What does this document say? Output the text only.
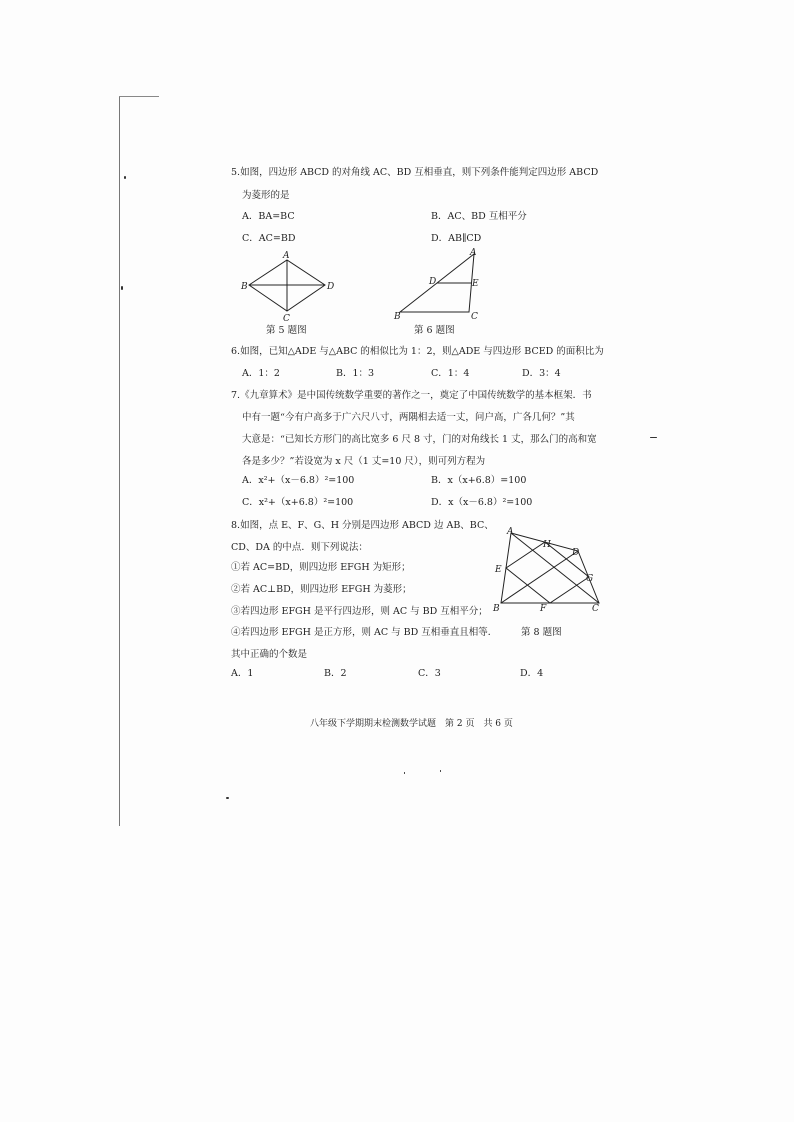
5.如图，四边形 ABCD 的对角线 AC、BD 互相垂直，则下列条件能判定四边形 ABCD
为菱形的是
A．BA=BC	B．AC、BD 互相平分
C．AC=BD	D．AB∥CD
A
B	D
C
第 5 题图
A
D	E
B	C
第 6 题图
6.如图，已知△ADE 与△ABC 的相似比为 1：2，则△ADE 与四边形 BCED 的面积比为
A．1：2	B．1：3	C．1：4	D．3：4
7.《九章算术》是中国传统数学重要的著作之一，奠定了中国传统数学的基本框架．书
中有一题“今有户高多于广六尺八寸，两隅相去适一丈，问户高，广各几何？”其
大意是：“已知长方形门的高比宽多 6 尺 8 寸，门的对角线长 1 丈，那么门的高和宽
各是多少？”若设宽为 x 尺（1 丈=10 尺），则可列方程为
A．x²+（x－6.8）²=100	B．x（x+6.8）=100
C．x²+（x+6.8）²=100	D．x（x－6.8）²=100
8.如图，点 E、F、G、H 分别是四边形 ABCD 边 AB、BC、
CD、DA 的中点．则下列说法：
①若 AC=BD，则四边形 EFGH 为矩形；
②若 AC⊥BD，则四边形 EFGH 为菱形；
③若四边形 EFGH 是平行四边形，则 AC 与 BD 互相平分；
④若四边形 EFGH 是正方形，则 AC 与 BD 互相垂直且相等．
A
H
D
E
G
B	F	C
第 8 题图
其中正确的个数是
A．1	B．2	C．3	D．4
八年级下学期期末检测数学试题　第 2 页　共 6 页
